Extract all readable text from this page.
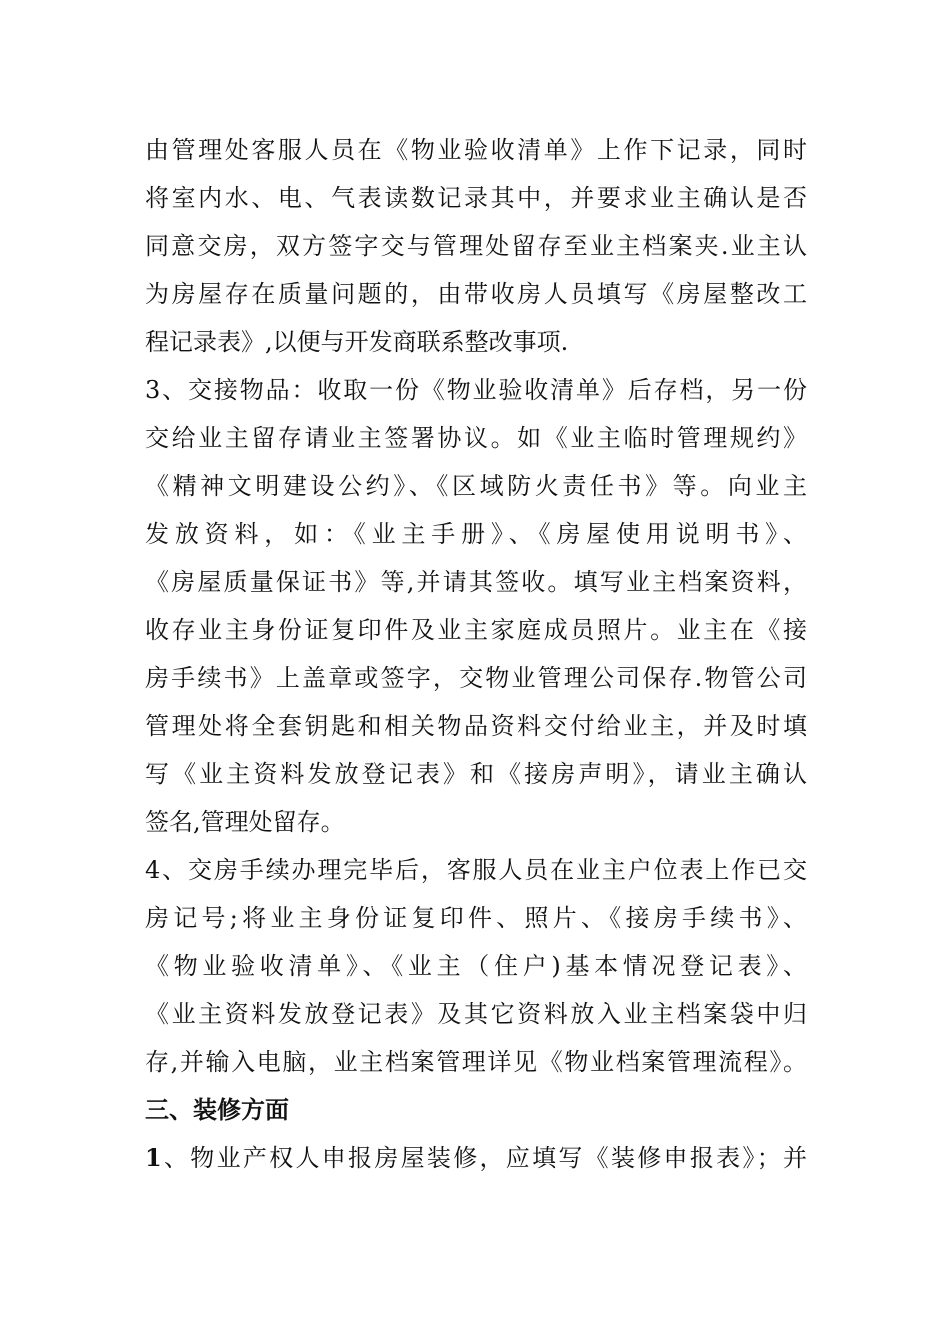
由管理处客服人员在《物业验收清单》上作下记录，同时
将室内水、电、气表读数记录其中，并要求业主确认是否
同意交房，双方签字交与管理处留存至业主档案夹.业主认
为房屋存在质量问题的，由带收房人员填写《房屋整改工
程记录表》,以便与开发商联系整改事项.
3、交接物品：收取一份《物业验收清单》后存档，另一份
交给业主留存请业主签署协议。如《业主临时管理规约》
《精神文明建设公约》、《区域防火责任书》等。向业主
发放资料，如：《业主手册》、《房屋使用说明书》、
《房屋质量保证书》等,并请其签收。填写业主档案资料，
收存业主身份证复印件及业主家庭成员照片。业主在《接
房手续书》上盖章或签字，交物业管理公司保存.物管公司
管理处将全套钥匙和相关物品资料交付给业主，并及时填
写《业主资料发放登记表》和《接房声明》，请业主确认
签名,管理处留存。
4、交房手续办理完毕后，客服人员在业主户位表上作已交
房记号;将业主身份证复印件、照片、《接房手续书》、
《物业验收清单》、《业主（住户)基本情况登记表》、
《业主资料发放登记表》及其它资料放入业主档案袋中归
存,并输入电脑，业主档案管理详见《物业档案管理流程》。
三、装修方面
1、物业产权人申报房屋装修，应填写《装修申报表》；并
